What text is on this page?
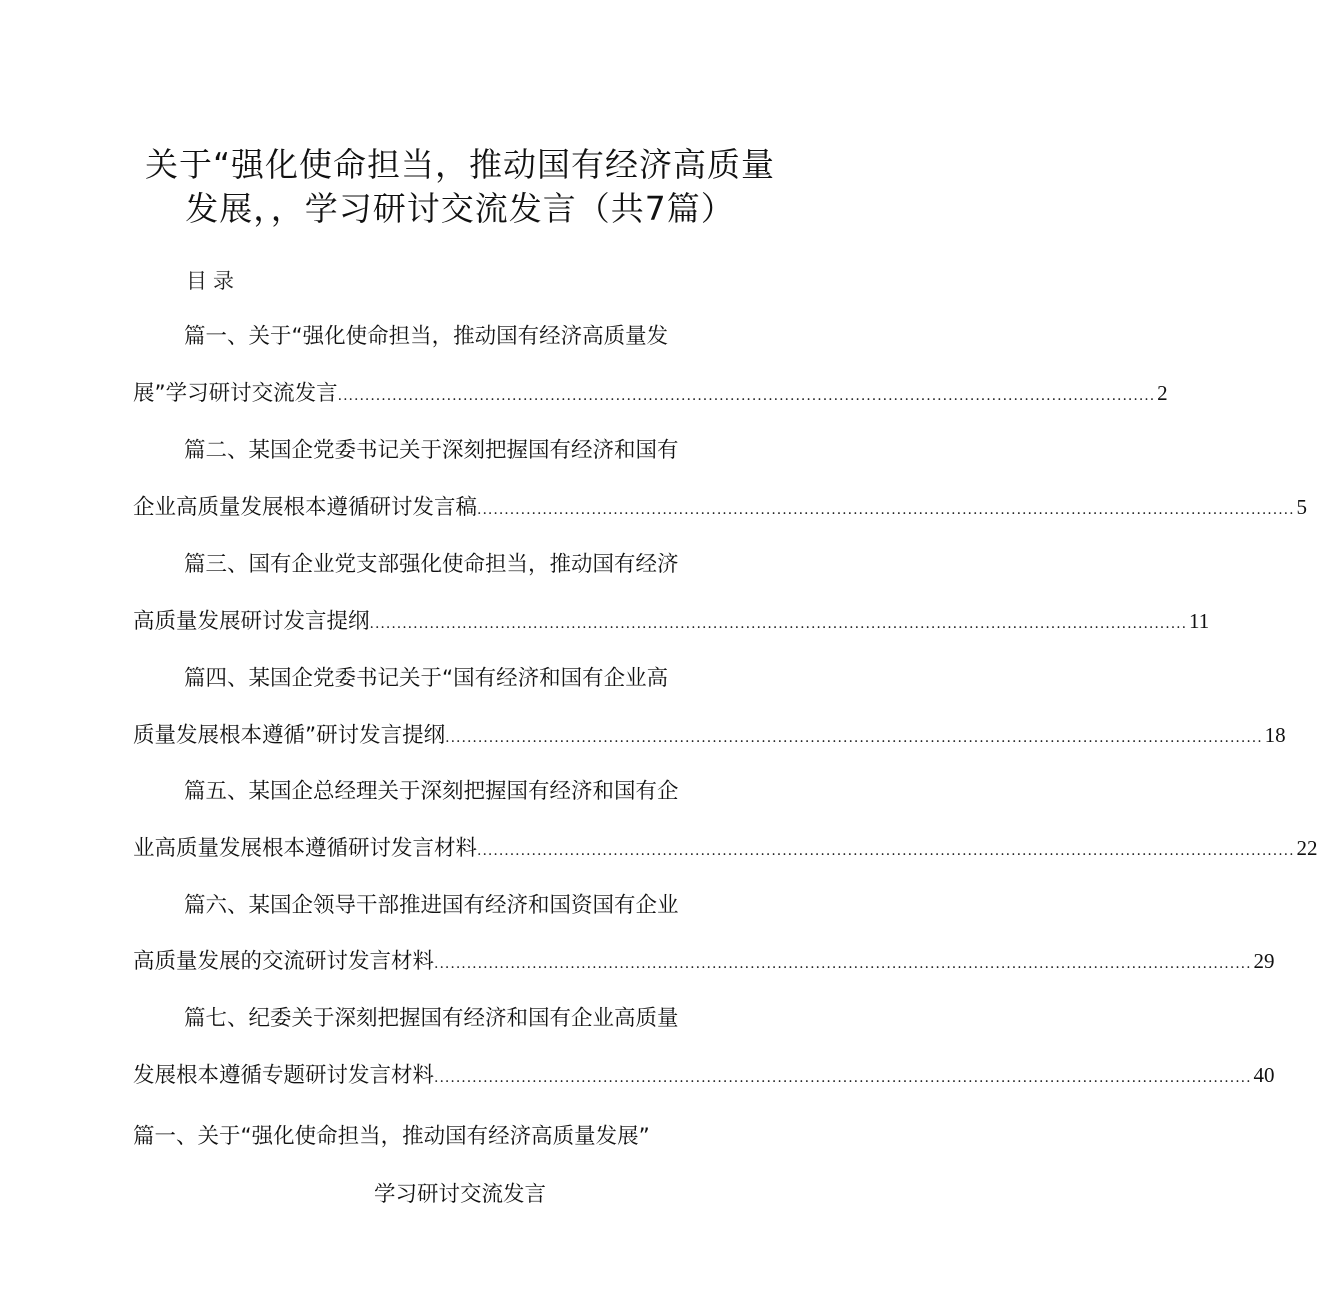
关于“强化使命担当，推动国有经济高质量
发展，，学习研讨交流发言（共7篇）
目录
篇一、关于“强化使命担当，推动国有经济高质量发
展”学习研讨交流发言 ...................................................................................................................................................... 2
篇二、某国企党委书记关于深刻把握国有经济和国有
企业高质量发展根本遵循研讨发言稿 ...................................................................................................................................................... 5
篇三、国有企业党支部强化使命担当，推动国有经济
高质量发展研讨发言提纲 ...................................................................................................................................................... 11
篇四、某国企党委书记关于“国有经济和国有企业高
质量发展根本遵循”研讨发言提纲 ...................................................................................................................................................... 18
篇五、某国企总经理关于深刻把握国有经济和国有企
业高质量发展根本遵循研讨发言材料 ...................................................................................................................................................... 22
篇六、某国企领导干部推进国有经济和国资国有企业
高质量发展的交流研讨发言材料 ...................................................................................................................................................... 29
篇七、纪委关于深刻把握国有经济和国有企业高质量
发展根本遵循专题研讨发言材料 ...................................................................................................................................................... 40
篇一、关于“强化使命担当，推动国有经济高质量发展”
学习研讨交流发言
